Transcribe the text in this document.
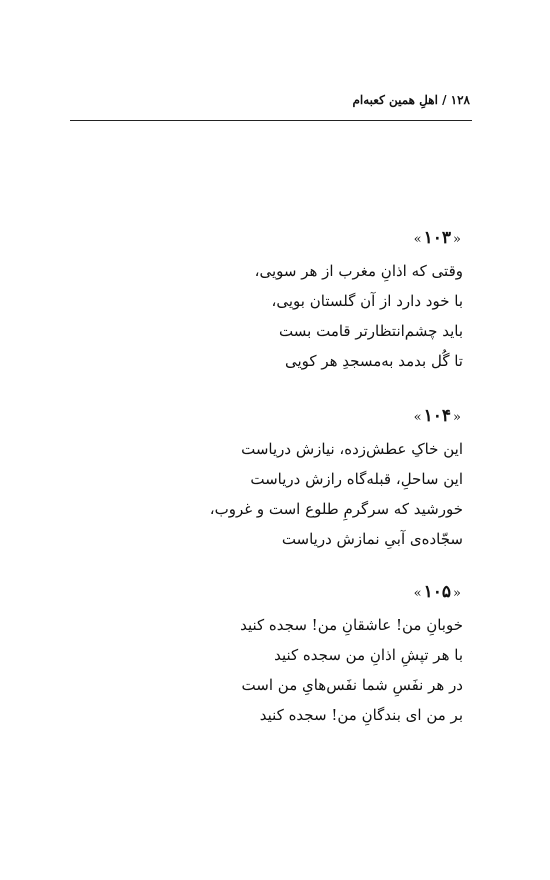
۱۲۸ / اهلِ همین کعبه‌ام
«۱۰۳»
وقتی که اذانِ مغرب از هر سویی،
با خود دارد از آن گلستان بویی،
باید چشم‌انتظارتر قامت بست
تا گُل بدمد به‌مسجدِ هر کویی
«۱۰۴»
این خاکِ عطش‌زده، نیازش دریاست
این ساحلِ، قبله‌گاه رازش دریاست
خورشید که سرگرمِ طلوع است و غروب،
سجّاده‌ی آبیِ نمازش دریاست
«۱۰۵»
خوبانِ من! عاشقانِ من! سجده کنید
با هر تپشِ اذانِ من سجده کنید
در هر نفَسِ شما نفَس‌هایِ من است
بر من ای بندگانِ من! سجده کنید
